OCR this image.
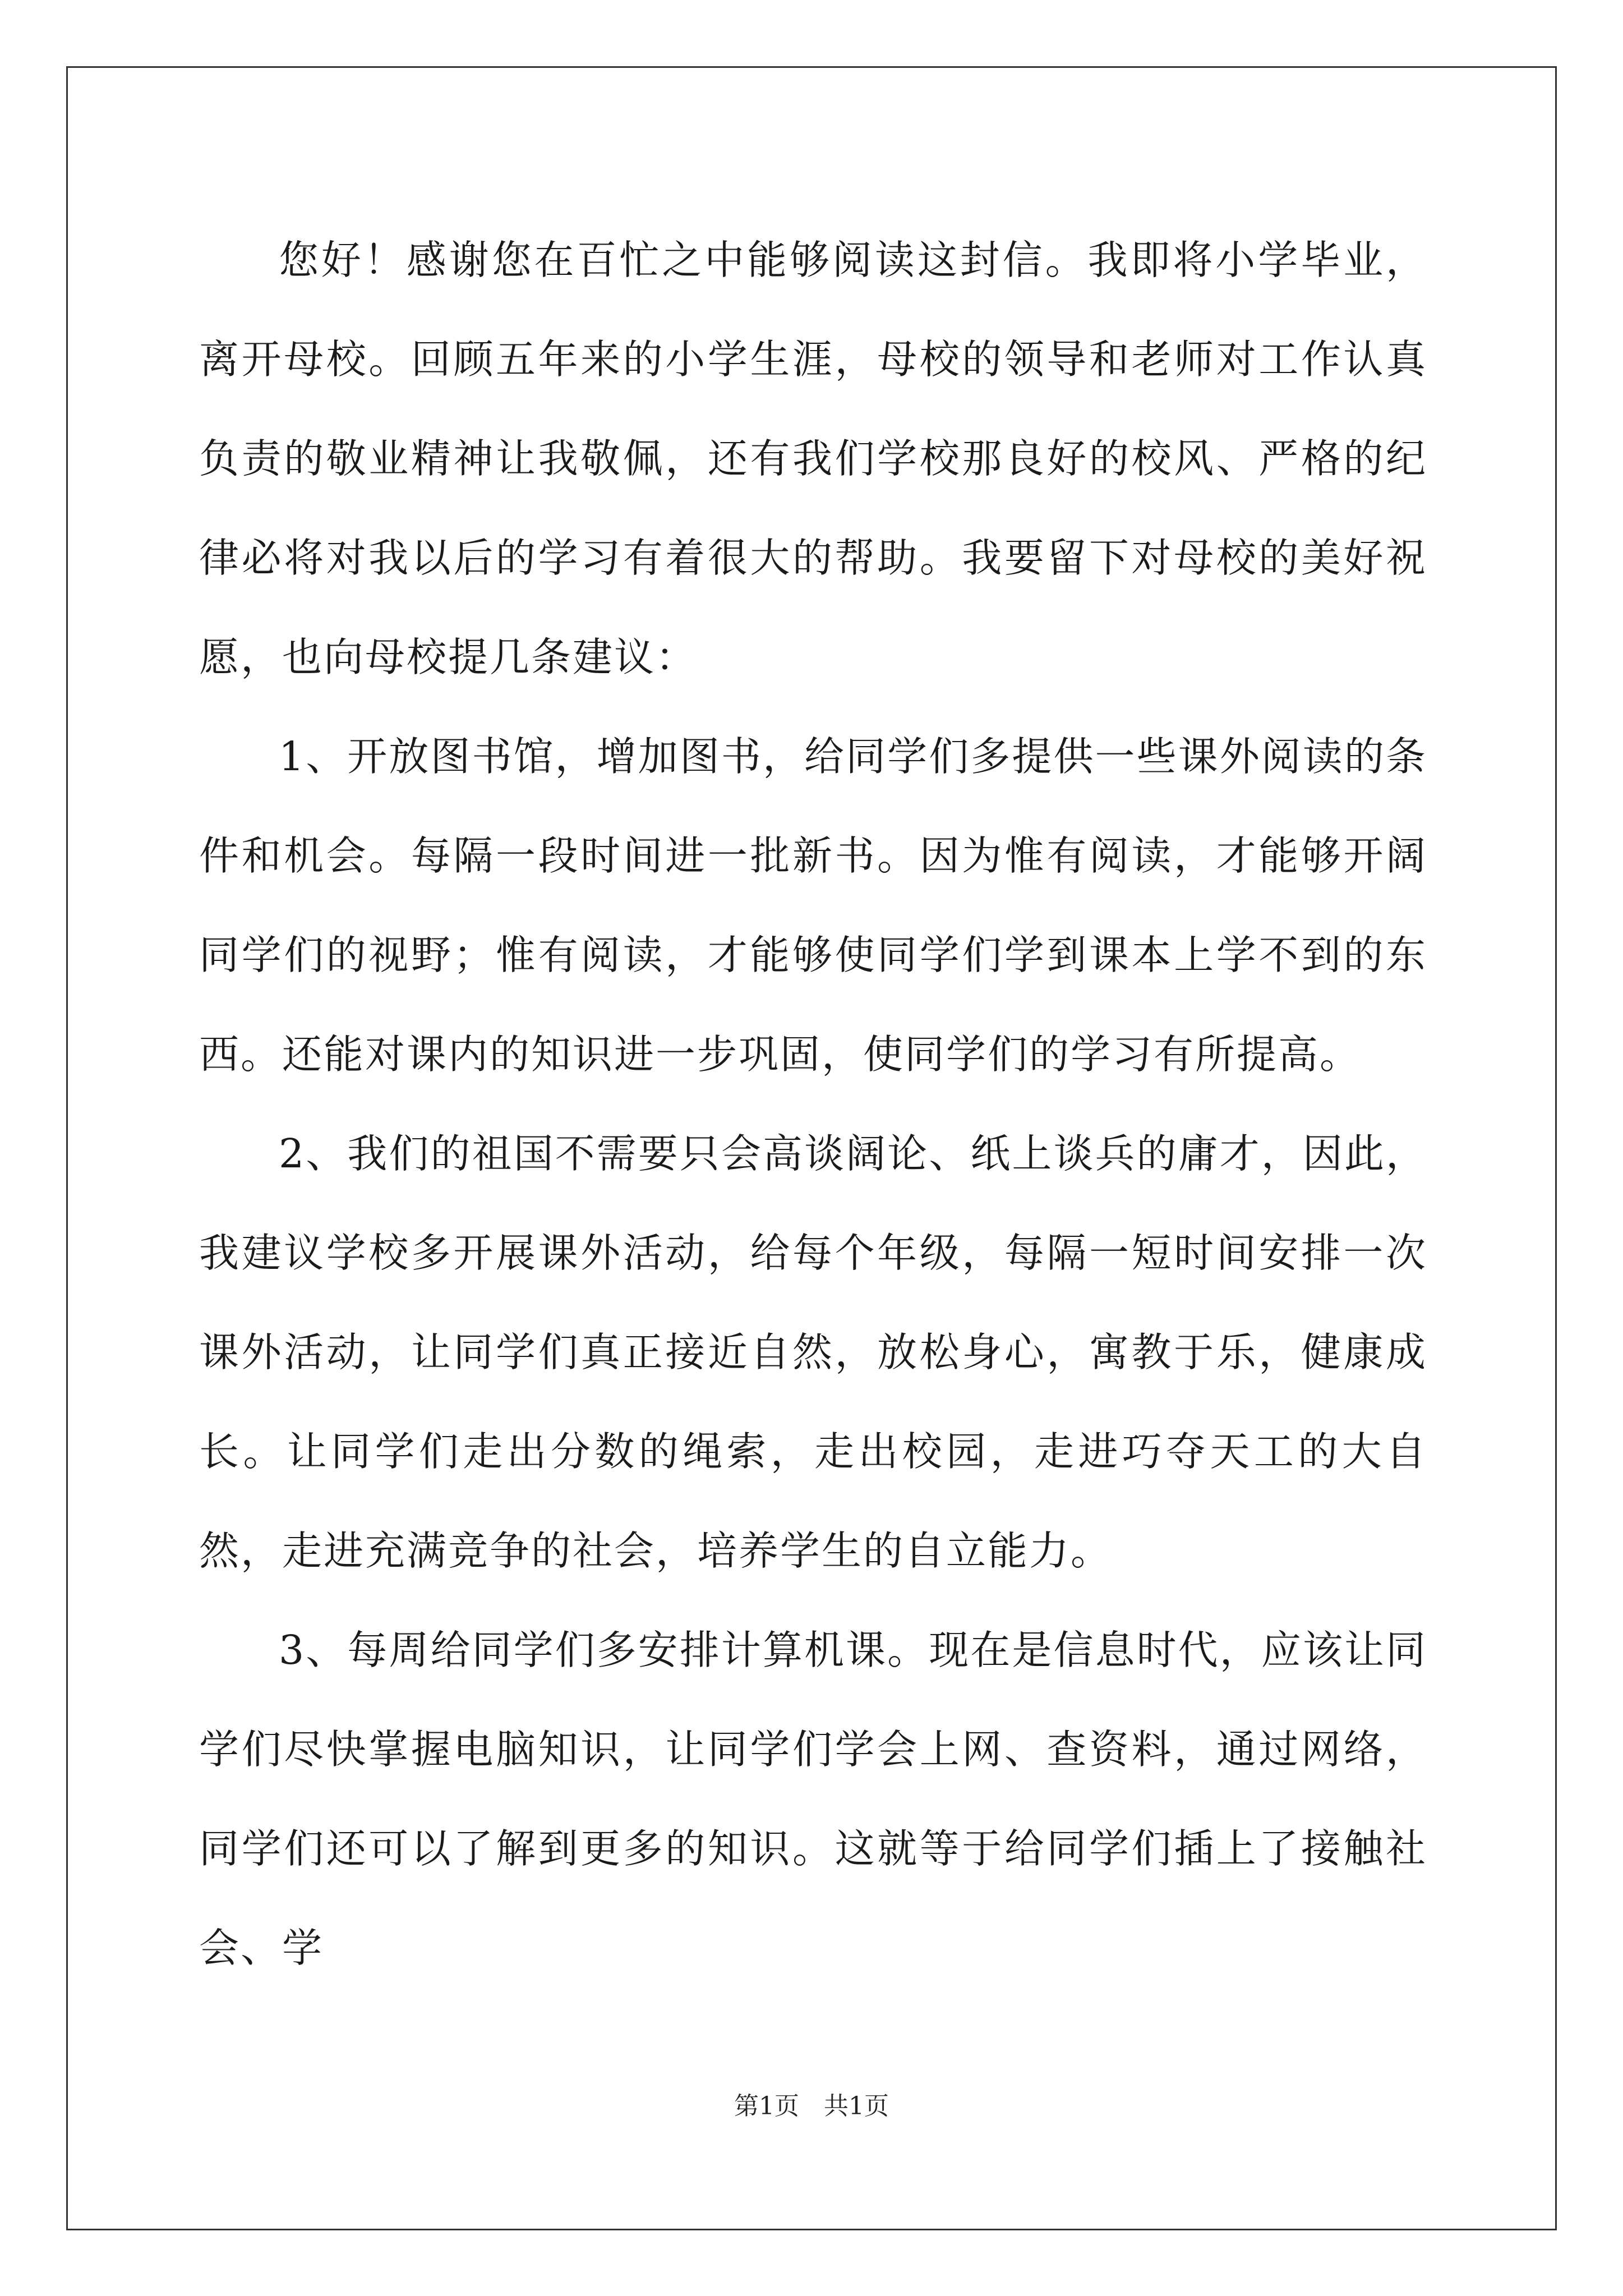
您好！感谢您在百忙之中能够阅读这封信。我即将小学毕业，离开母校。回顾五年来的小学生涯，母校的领导和老师对工作认真负责的敬业精神让我敬佩，还有我们学校那良好的校风、严格的纪律必将对我以后的学习有着很大的帮助。我要留下对母校的美好祝愿，也向母校提几条建议：

1、开放图书馆，增加图书，给同学们多提供一些课外阅读的条件和机会。每隔一段时间进一批新书。因为惟有阅读，才能够开阔同学们的视野；惟有阅读，才能够使同学们学到课本上学不到的东西。还能对课内的知识进一步巩固，使同学们的学习有所提高。

2、我们的祖国不需要只会高谈阔论、纸上谈兵的庸才，因此，我建议学校多开展课外活动，给每个年级，每隔一短时间安排一次课外活动，让同学们真正接近自然，放松身心，寓教于乐，健康成长。让同学们走出分数的绳索，走出校园，走进巧夺天工的大自然，走进充满竞争的社会，培养学生的自立能力。

3、每周给同学们多安排计算机课。现在是信息时代，应该让同学们尽快掌握电脑知识，让同学们学会上网、查资料，通过网络，同学们还可以了解到更多的知识。这就等于给同学们插上了接触社会、学

第1页 共1页
